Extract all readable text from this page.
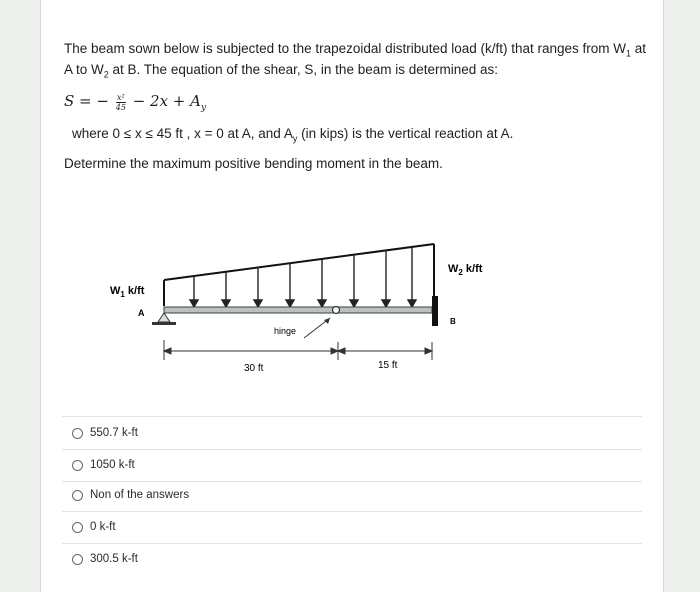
The beam sown below is subjected to the trapezoidal distributed load (k/ft) that ranges from $W_1$ at
A to $W_2$ at B. The equation of the shear, S, in the beam is determined as:
S = − $\frac{\text{x²}}{45} - 2x + A_y$
where 0 ≤ x ≤ 45 ft , x = 0 at A, and $A_y$ (in kips) is the vertical reaction at A.
Determine the maximum positive bending moment in the beam.
$W_1$ k/ft
A
$W_2$ k/ft
B
hinge
30 ft	15 ft
550.7 k-ft
1050 k-ft
Non of the answers
0 k-ft
300.5 k-ft
